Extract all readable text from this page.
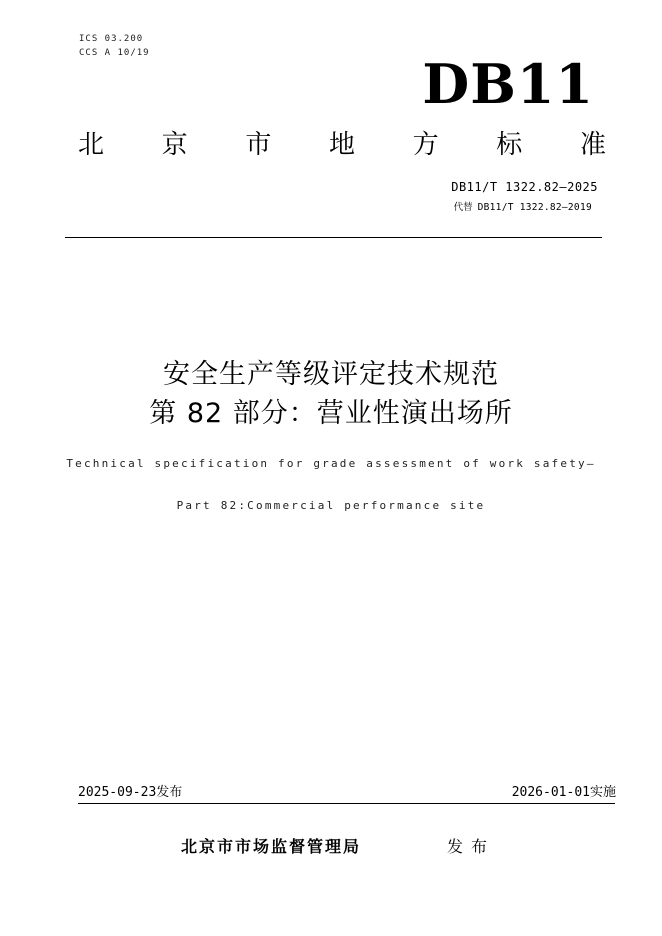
ICS 03.200
CCS A 10/19	DB11
北 京 市 地 方 标 准
DB11/T 1322.82—2025
代替 DB11/T 1322.82—2019
安全生产等级评定技术规范
第 82 部分：营业性演出场所
Technical specification for grade assessment of work safety—
Part 82:Commercial performance site
2025-09-23发布	2026-01-01实施
北京市市场监督管理局	发布
